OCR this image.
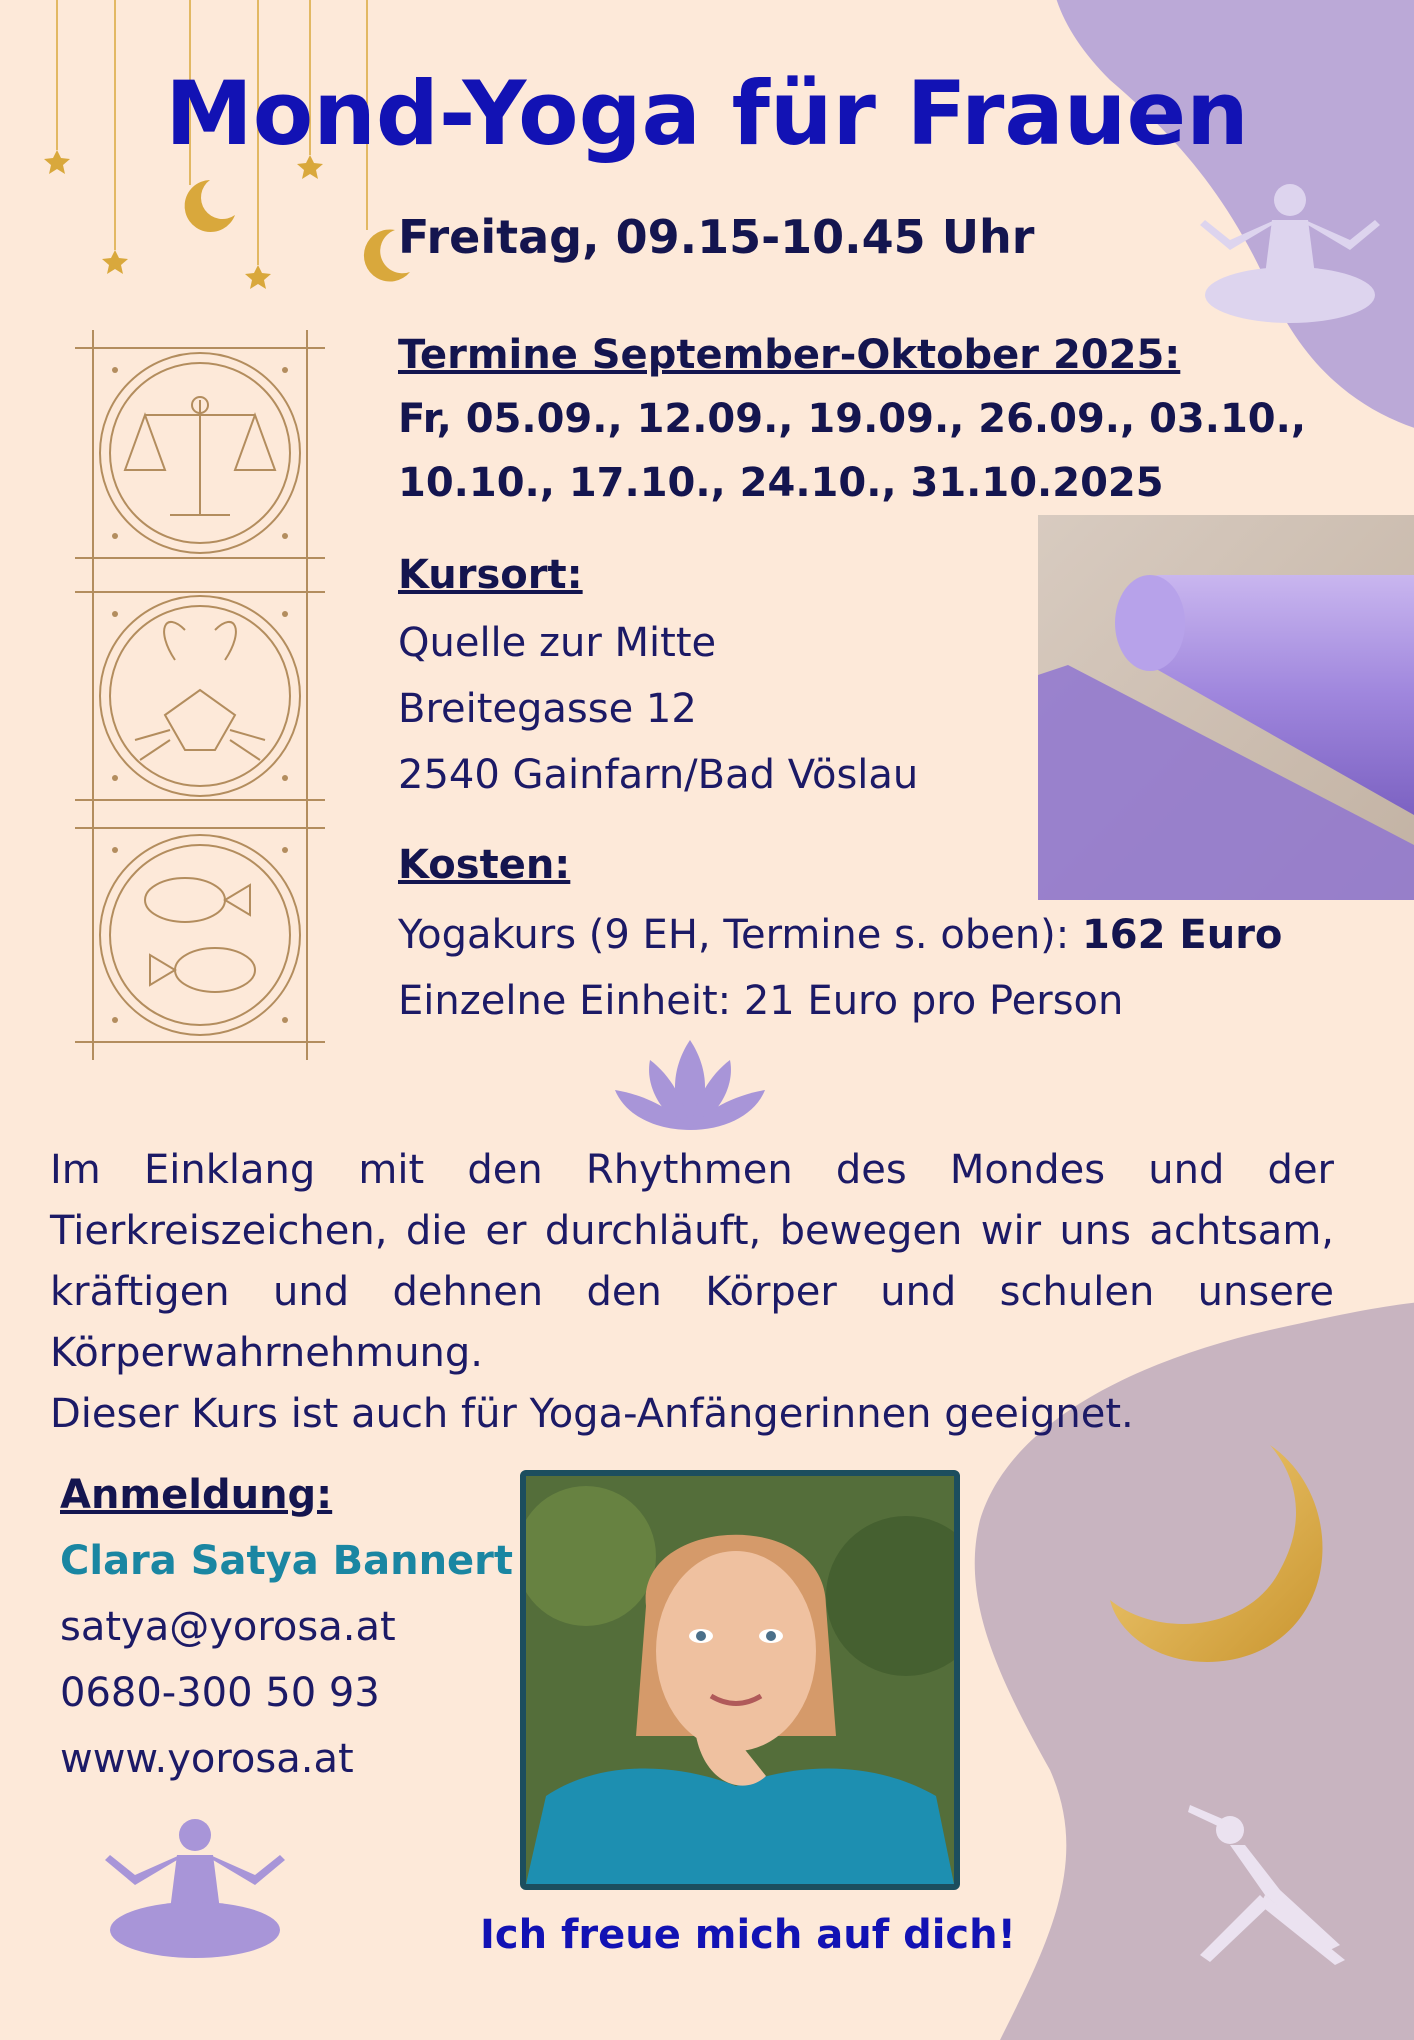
Mond-Yoga für Frauen
Freitag, 09.15-10.45 Uhr
Termine September-Oktober 2025:
Fr, 05.09., 12.09., 19.09., 26.09., 03.10.,
10.10., 17.10., 24.10., 31.10.2025
Kursort:
Quelle zur Mitte
Breitegasse 12
2540 Gainfarn/Bad Vöslau
Kosten:
Yogakurs (9 EH, Termine s. oben): 162 Euro
Einzelne Einheit: 21 Euro pro Person
Im Einklang mit den Rhythmen des Mondes und der
Tierkreiszeichen, die er durchläuft, bewegen wir uns achtsam,
kräftigen und dehnen den Körper und schulen unsere
Körperwahrnehmung.
Dieser Kurs ist auch für Yoga-Anfängerinnen geeignet.
Anmeldung:
Clara Satya Bannert
satya@yorosa.at
0680-300 50 93
www.yorosa.at
Ich freue mich auf dich!
